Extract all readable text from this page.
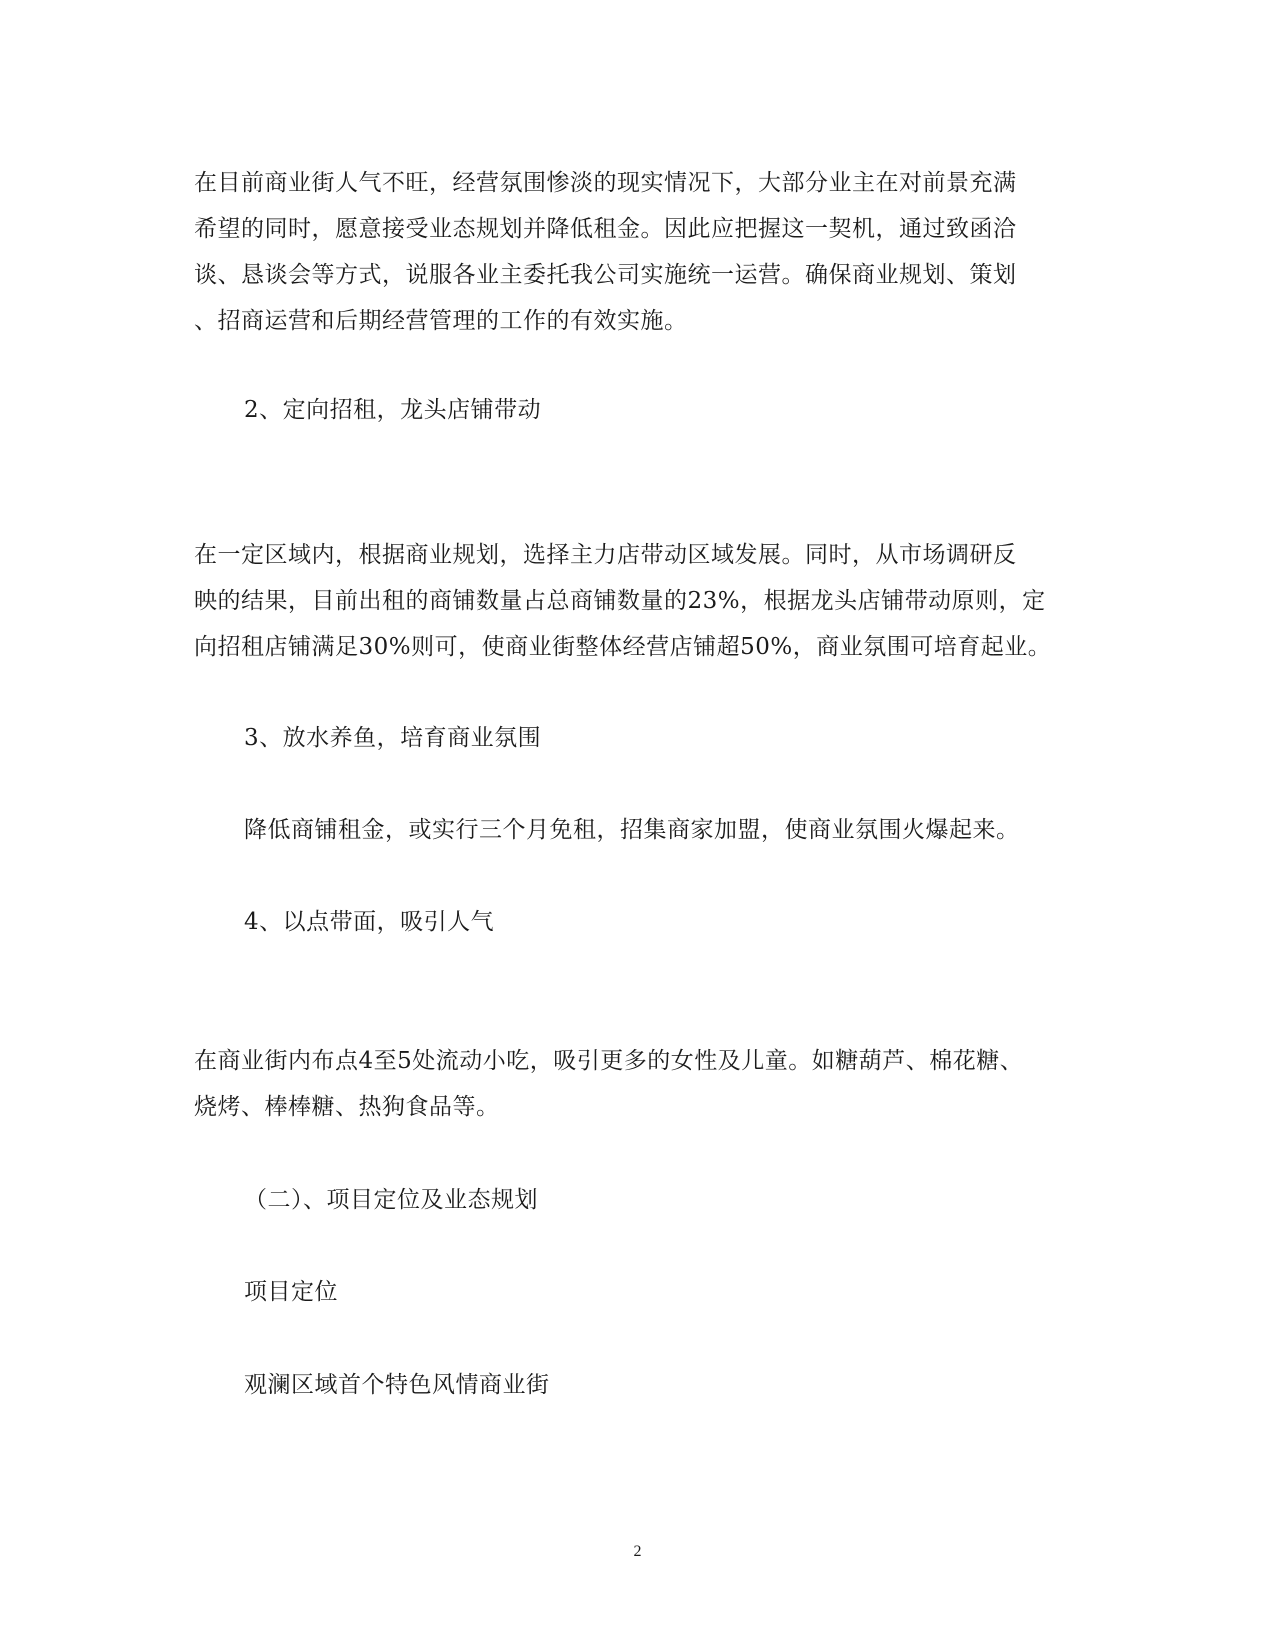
在目前商业街人气不旺，经营氛围惨淡的现实情况下，大部分业主在对前景充满
希望的同时，愿意接受业态规划并降低租金。因此应把握这一契机，通过致函洽
谈、恳谈会等方式，说服各业主委托我公司实施统一运营。确保商业规划、策划
、招商运营和后期经营管理的工作的有效实施。

2、定向招租，龙头店铺带动

在一定区域内，根据商业规划，选择主力店带动区域发展。同时，从市场调研反
映的结果，目前出租的商铺数量占总商铺数量的23%，根据龙头店铺带动原则，定
向招租店铺满足30%则可，使商业街整体经营店铺超50%，商业氛围可培育起业。

3、放水养鱼，培育商业氛围

降低商铺租金，或实行三个月免租，招集商家加盟，使商业氛围火爆起来。

4、以点带面，吸引人气

在商业街内布点4至5处流动小吃，吸引更多的女性及儿童。如糖葫芦、棉花糖、
烧烤、棒棒糖、热狗食品等。

（二）、项目定位及业态规划

项目定位

观澜区域首个特色风情商业街

2
